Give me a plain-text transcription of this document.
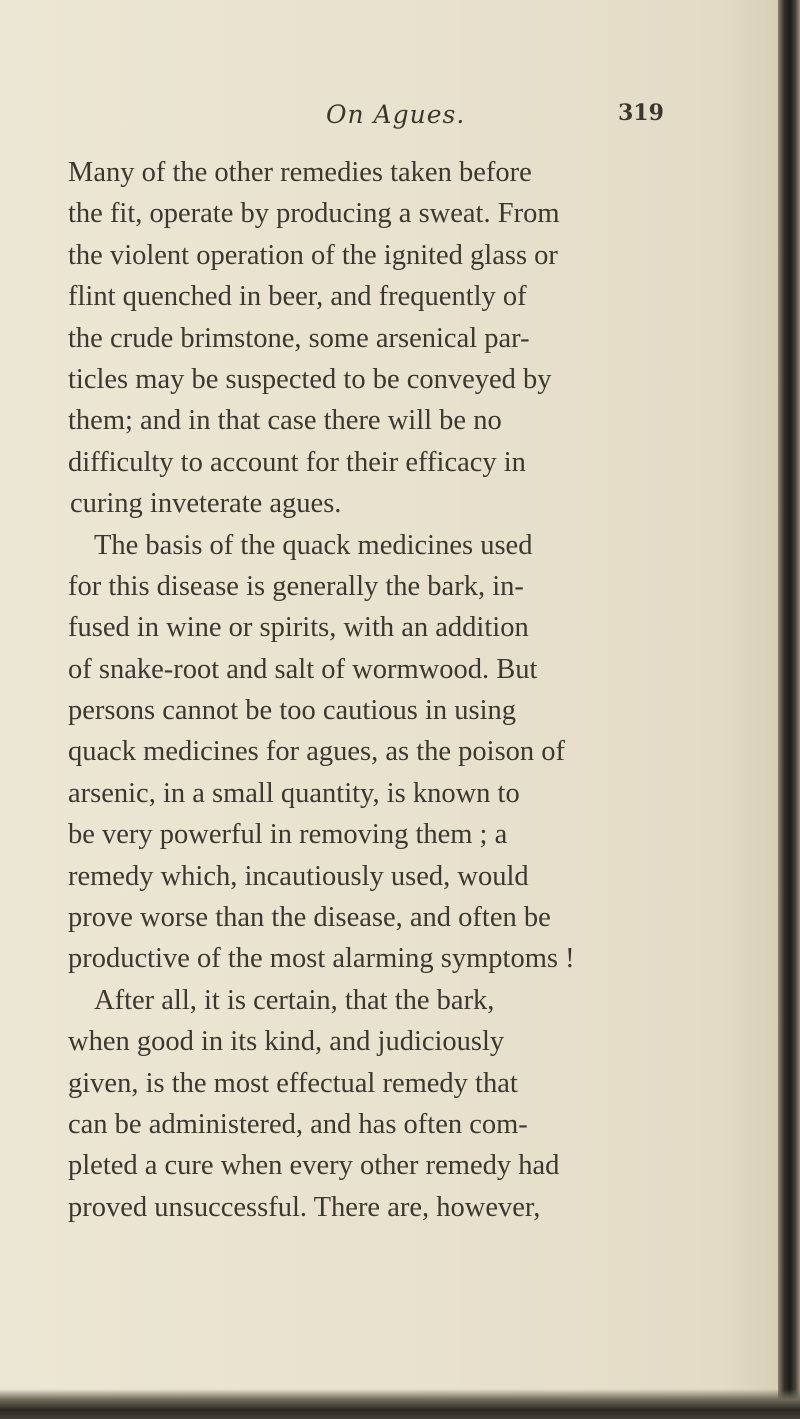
On Agues.	319
Many of the other remedies taken before
the fit, operate by producing a sweat. From
the violent operation of the ignited glass or
flint quenched in beer, and frequently of
the crude brimstone, some arsenical par-
ticles may be suspected to be conveyed by
them; and in that case there will be no
difficulty to account for their efficacy in
curing inveterate agues.
The basis of the quack medicines used
for this disease is generally the bark, in-
fused in wine or spirits, with an addition
of snake-root and salt of wormwood. But
persons cannot be too cautious in using
quack medicines for agues, as the poison of
arsenic, in a small quantity, is known to
be very powerful in removing them ; a
remedy which, incautiously used, would
prove worse than the disease, and often be
productive of the most alarming symptoms !
After all, it is certain, that the bark,
when good in its kind, and judiciously
given, is the most effectual remedy that
can be administered, and has often com-
pleted a cure when every other remedy had
proved unsuccessful. There are, however,
